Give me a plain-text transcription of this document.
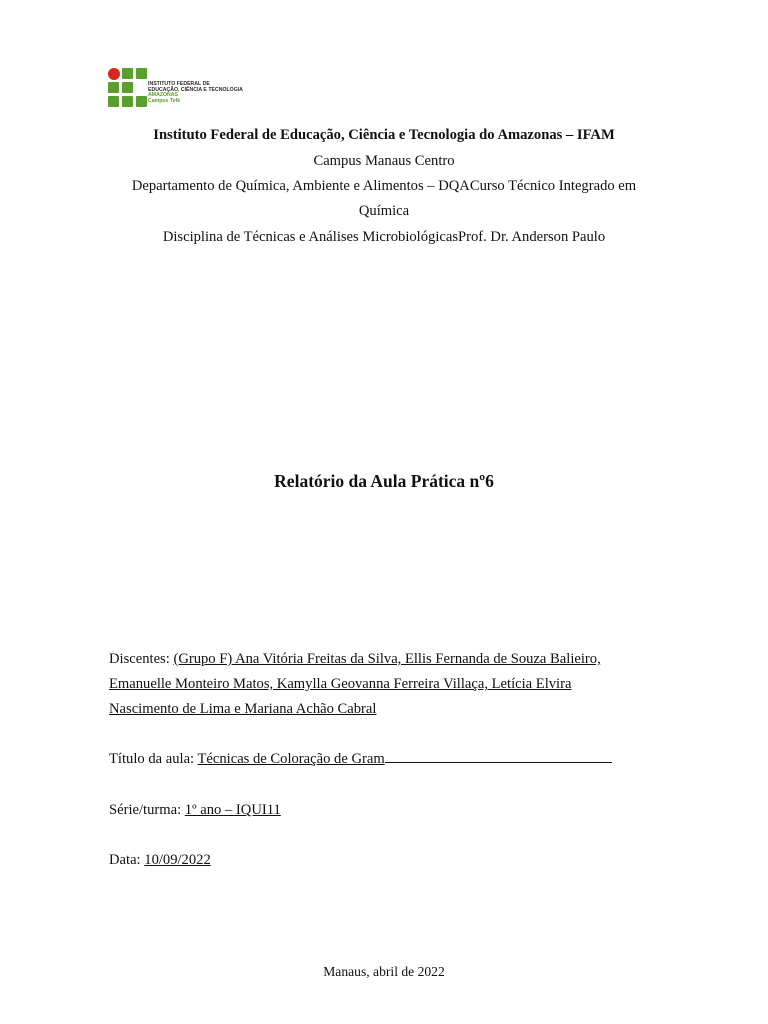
INSTITUTO FEDERAL DE
EDUCAÇÃO, CIÊNCIA E TECNOLOGIA
AMAZONAS
Campus Tefé
Instituto Federal de Educação, Ciência e Tecnologia do Amazonas – IFAM
Campus Manaus Centro
Departamento de Química, Ambiente e Alimentos – DQACurso Técnico Integrado em
Química
Disciplina de Técnicas e Análises MicrobiológicasProf. Dr. Anderson Paulo
Relatório da Aula Prática nº6
Discentes: (Grupo F) Ana Vitória Freitas da Silva, Ellis Fernanda de Souza Balieiro,
Emanuelle Monteiro Matos, Kamylla Geovanna Ferreira Villaça, Letícia Elvira
Nascimento de Lima e Mariana Achão Cabral
Título da aula: Técnicas de Coloração de Gram
Série/turma: 1º ano – IQUI11
Data: 10/09/2022
Manaus, abril de 2022
